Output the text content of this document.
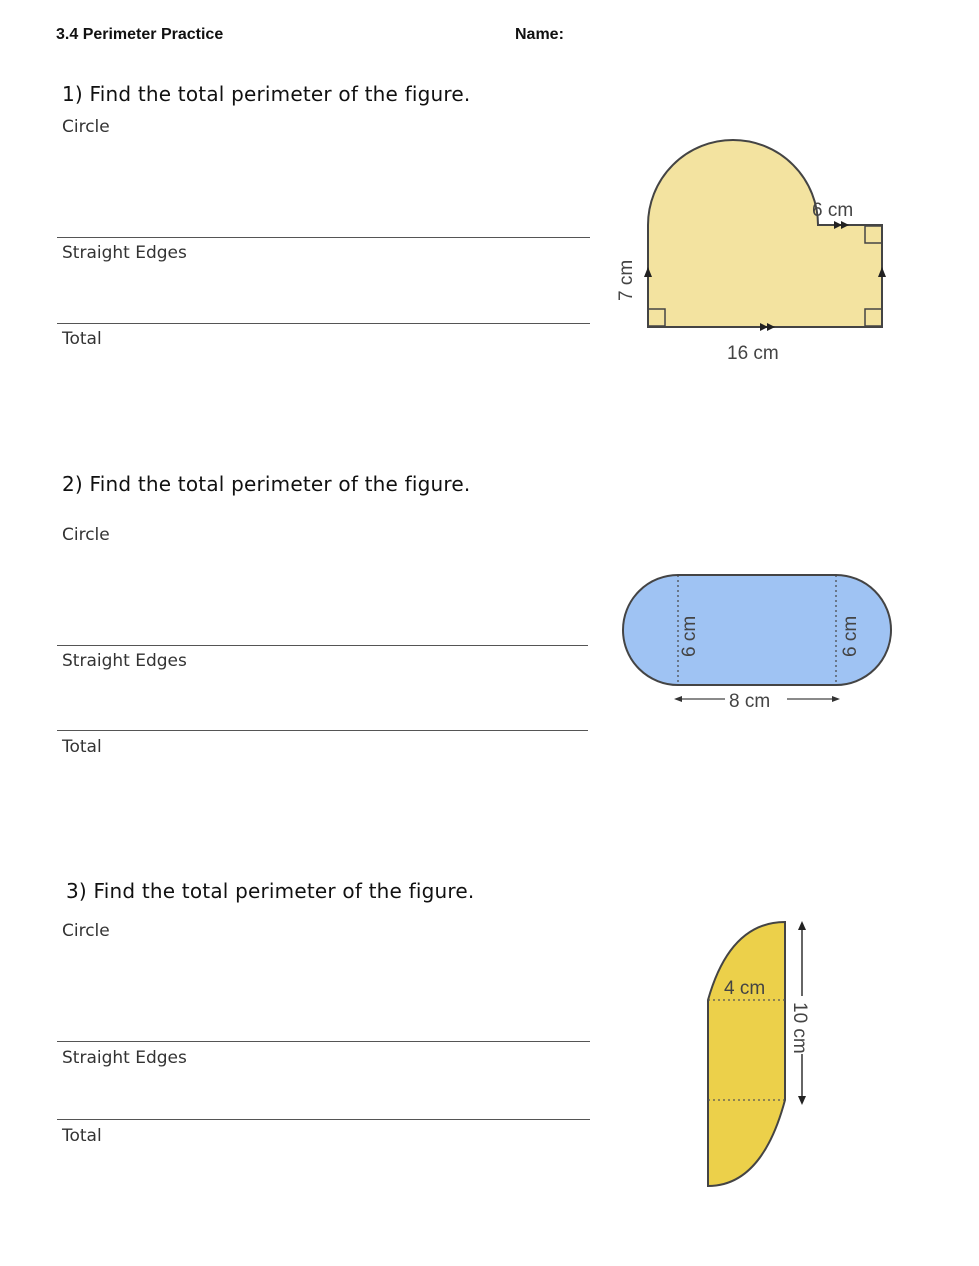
3.4 Perimeter Practice	Name:
1) Find the total perimeter of the figure.
Circle
Straight Edges
Total
6 cm
16 cm
7 cm
2) Find the total perimeter of the figure.
Circle
Straight Edges
Total
8 cm
6 cm	6 cm
3) Find the total perimeter of the figure.
Circle
Straight Edges
Total
4 cm
10 cm
